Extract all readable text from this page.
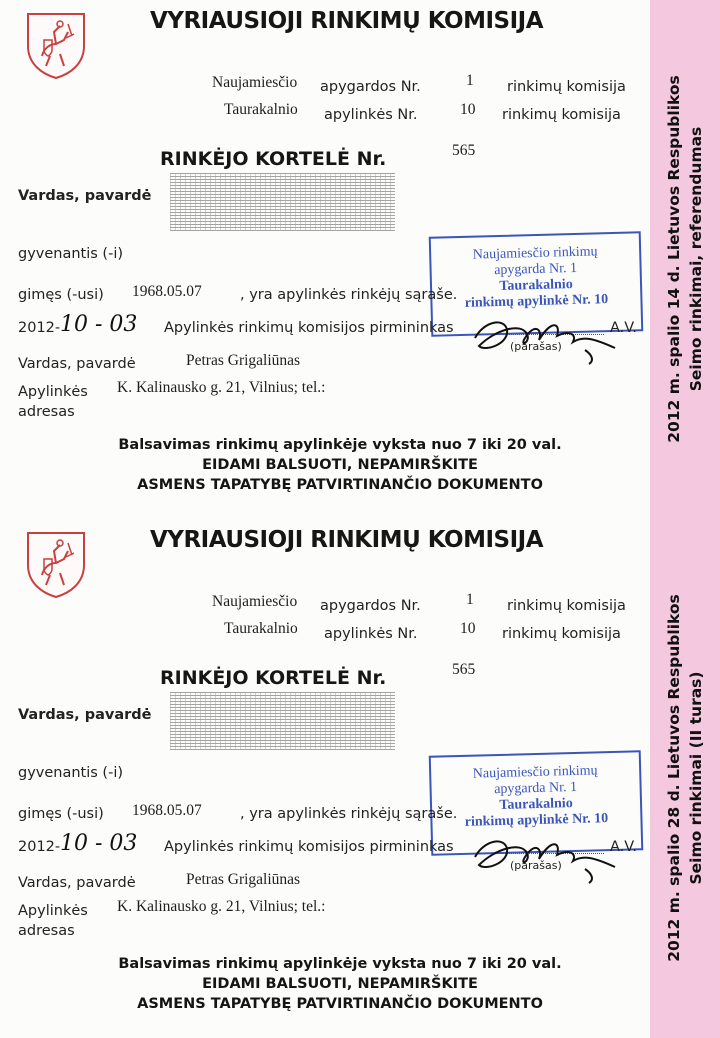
VYRIAUSIOJI RINKIMŲ KOMISIJA
Naujamiesčio apygardos Nr.	1 rinkimų komisija
Taurakalnio apylinkės Nr.	10 rinkimų komisija
RINKĖJO KORTELĖ Nr.	565
Vardas, pavardė
gyvenantis (-i)	Naujamiesčio rinkimų
apygarda Nr. 1
Taurakalnio
rinkimų apylinkė Nr. 10
gimęs (-usi) 1968.05.07	, yra apylinkės rinkėjų sąraše.
2012- 10 - 03 Apylinkės rinkimų komisijos pirmininkas	A.V.
(parašas)
Vardas, pavardė	Petras Grigaliūnas
Apylinkės
adresas
K. Kalinausko g. 21, Vilnius; tel.:
Balsavimas rinkimų apylinkėje vyksta nuo 7 iki 20 val.
EIDAMI BALSUOTI, NEPAMIRŠKITE
ASMENS TAPATYBĘ PATVIRTINANČIO DOKUMENTO
2012 m. spalio 14 d. Lietuvos Respublikos Seimo rinkimai, referendumas
VYRIAUSIOJI RINKIMŲ KOMISIJA
Naujamiesčio apygardos Nr.	1 rinkimų komisija
Taurakalnio apylinkės Nr.	10 rinkimų komisija
RINKĖJO KORTELĖ Nr.	565
Vardas, pavardė
gyvenantis (-i)	Naujamiesčio rinkimų
apygarda Nr. 1
Taurakalnio
rinkimų apylinkė Nr. 10
gimęs (-usi) 1968.05.07	, yra apylinkės rinkėjų sąraše.
2012- 10 - 03 Apylinkės rinkimų komisijos pirmininkas	A.V.
(parašas)
Vardas, pavardė	Petras Grigaliūnas
Apylinkės
adresas
K. Kalinausko g. 21, Vilnius; tel.:
Balsavimas rinkimų apylinkėje vyksta nuo 7 iki 20 val.
EIDAMI BALSUOTI, NEPAMIRŠKITE
ASMENS TAPATYBĘ PATVIRTINANČIO DOKUMENTO
2012 m. spalio 28 d. Lietuvos Respublikos Seimo rinkimai (II turas)
